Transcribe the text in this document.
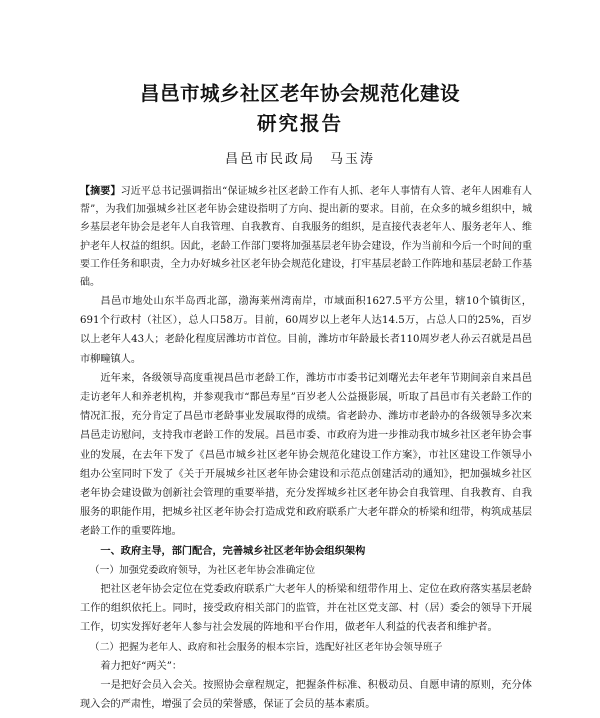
昌邑市城乡社区老年协会规范化建设
研究报告
昌邑市民政局　马玉涛
【摘要】习近平总书记强调指出“保证城乡社区老龄工作有人抓、老年人事情有人管、老年人困难有人帮”，为我们加强城乡社区老年协会建设指明了方向、提出新的要求。目前，在众多的城乡组织中，城乡基层老年协会是老年人自我管理、自我教育、自我服务的组织，是直接代表老年人、服务老年人、维护老年人权益的组织。因此，老龄工作部门要将加强基层老年协会建设，作为当前和今后一个时间的重要工作任务和职责，全力办好城乡社区老年协会规范化建设，打牢基层老龄工作阵地和基层老龄工作基础。

昌邑市地处山东半岛西北部，渤海莱州湾南岸，市域面积1627.5平方公里，辖10个镇街区，691个行政村（社区），总人口58万。目前，60周岁以上老年人达14.5万，占总人口的25%，百岁以上老年人43人；老龄化程度居潍坊市首位。目前，潍坊市年龄最长者110周岁老人孙云召就是昌邑市柳疃镇人。

近年来，各级领导高度重视昌邑市老龄工作，潍坊市市委书记刘曙光去年老年节期间亲自来昌邑走访老年人和养老机构，并参观我市“鄑邑寿星”百岁老人公益摄影展，听取了昌邑市有关老龄工作的情况汇报，充分肯定了昌邑市老龄事业发展取得的成绩。省老龄办、潍坊市老龄办的各级领导多次来昌邑走访慰问，支持我市老龄工作的发展。昌邑市委、市政府为进一步推动我市城乡社区老年协会事业的发展，在去年下发了《昌邑市城乡社区老年协会规范化建设工作方案》，市社区建设工作领导小组办公室同时下发了《关于开展城乡社区老年协会建设和示范点创建活动的通知》，把加强城乡社区老年协会建设做为创新社会管理的重要举措，充分发挥城乡社区老年协会自我管理、自我教育、自我服务的职能作用，把城乡社区老年协会打造成党和政府联系广大老年群众的桥梁和纽带，构筑成基层老龄工作的重要阵地。

一、政府主导，部门配合，完善城乡社区老年协会组织架构

（一）加强党委政府领导，为社区老年协会准确定位

把社区老年协会定位在党委政府联系广大老年人的桥梁和纽带作用上、定位在政府落实基层老龄工作的组织依托上。同时，接受政府相关部门的监管，并在社区党支部、村（居）委会的领导下开展工作，切实发挥好老年人参与社会发展的阵地和平台作用，做老年人利益的代表者和维护者。

（二）把握为老年人、政府和社会服务的根本宗旨，选配好社区老年协会领导班子

着力把好“两关”：

一是把好会员入会关。按照协会章程规定，把握条件标准、积极动员、自愿申请的原则，充分体现入会的严肃性，增强了会员的荣誉感，保证了会员的基本素质。
